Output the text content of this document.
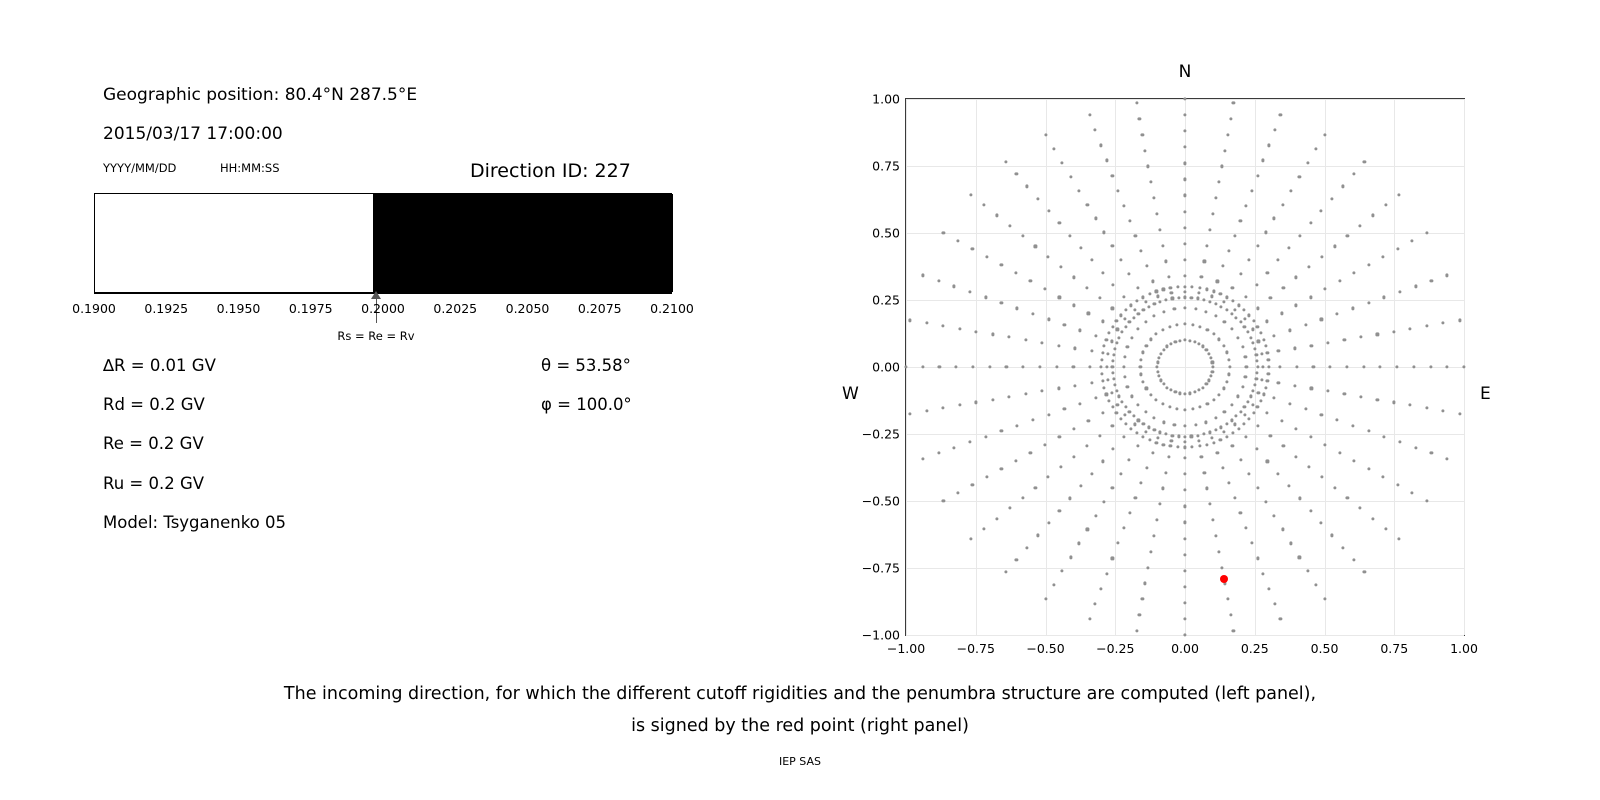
Geographic position: 80.4°N 287.5°E
2015/03/17 17:00:00
YYYY/MM/DD	HH:MM:SS	Direction ID: 227
Rs = Re = Rv
0.1900 0.1925 0.1950 0.1975 0.2000 0.2025 0.2050 0.2075 0.2100
∆R = 0.01 GV
Rd = 0.2 GV
Re = 0.2 GV
Ru = 0.2 GV
Model: Tsyganenko 05
θ = 53.58°
φ = 100.0°
N
W	E
−1.00
−0.75
−0.50
−0.25
0.00
0.25
0.50
0.75
1.00
−1.00	−0.75	−0.50	−0.25	0.00	0.25	0.50	0.75	1.00
The incoming direction, for which the different cutoff rigidities and the penumbra structure are computed (left panel),
is signed by the red point (right panel)
IEP SAS
